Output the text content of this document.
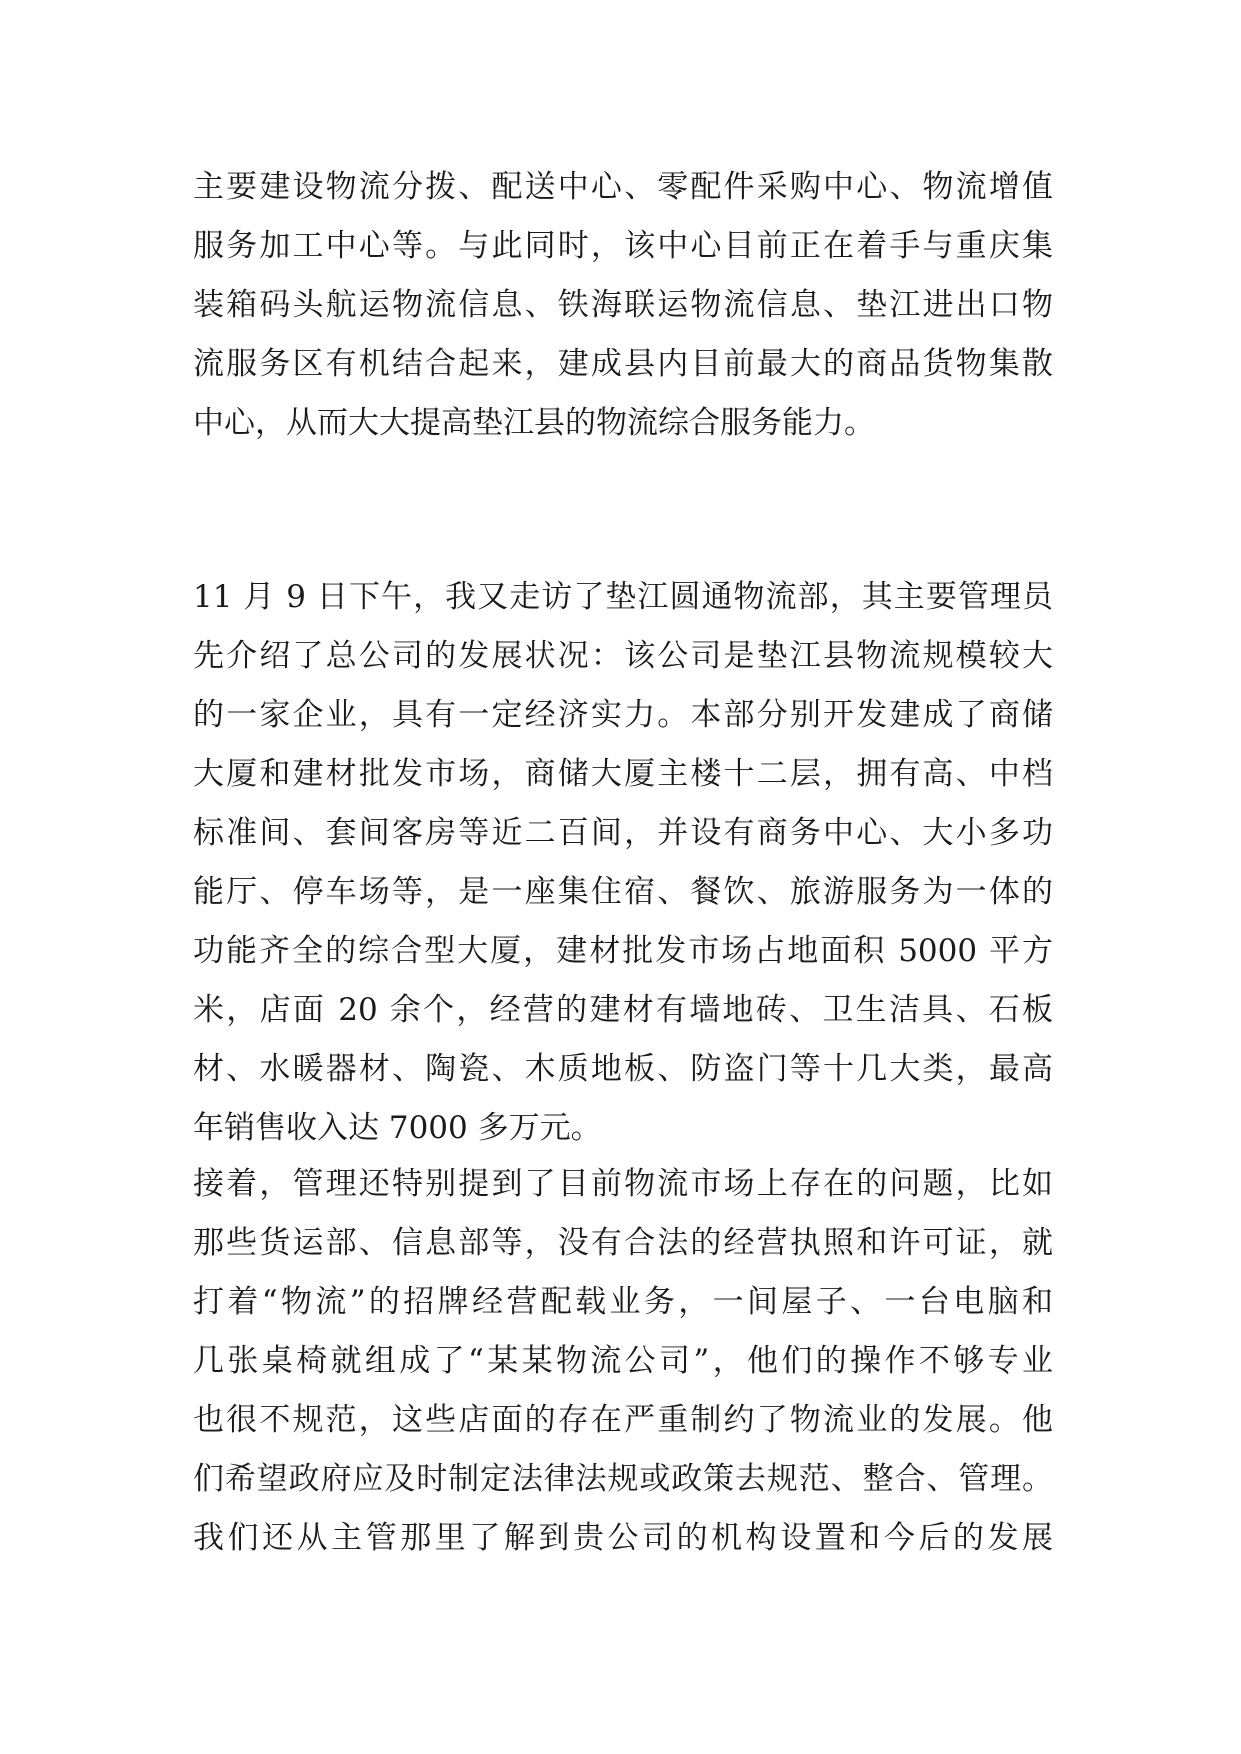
主要建设物流分拨、配送中心、零配件采购中心、物流增值
服务加工中心等。与此同时，该中心目前正在着手与重庆集
装箱码头航运物流信息、铁海联运物流信息、垫江进出口物
流服务区有机结合起来，建成县内目前最大的商品货物集散
中心，从而大大提高垫江县的物流综合服务能力。
11 月 9 日下午，我又走访了垫江圆通物流部，其主要管理员
先介绍了总公司的发展状况：该公司是垫江县物流规模较大
的一家企业，具有一定经济实力。本部分别开发建成了商储
大厦和建材批发市场，商储大厦主楼十二层，拥有高、中档
标准间、套间客房等近二百间，并设有商务中心、大小多功
能厅、停车场等，是一座集住宿、餐饮、旅游服务为一体的
功能齐全的综合型大厦，建材批发市场占地面积 5000 平方
米，店面 20 余个，经营的建材有墙地砖、卫生洁具、石板
材、水暖器材、陶瓷、木质地板、防盗门等十几大类，最高
年销售收入达 7000 多万元。
接着，管理还特别提到了目前物流市场上存在的问题，比如
那些货运部、信息部等，没有合法的经营执照和许可证，就
打着“物流”的招牌经营配载业务，一间屋子、一台电脑和
几张桌椅就组成了“某某物流公司”，他们的操作不够专业
也很不规范，这些店面的存在严重制约了物流业的发展。他
们希望政府应及时制定法律法规或政策去规范、整合、管理。
我们还从主管那里了解到贵公司的机构设置和今后的发展
